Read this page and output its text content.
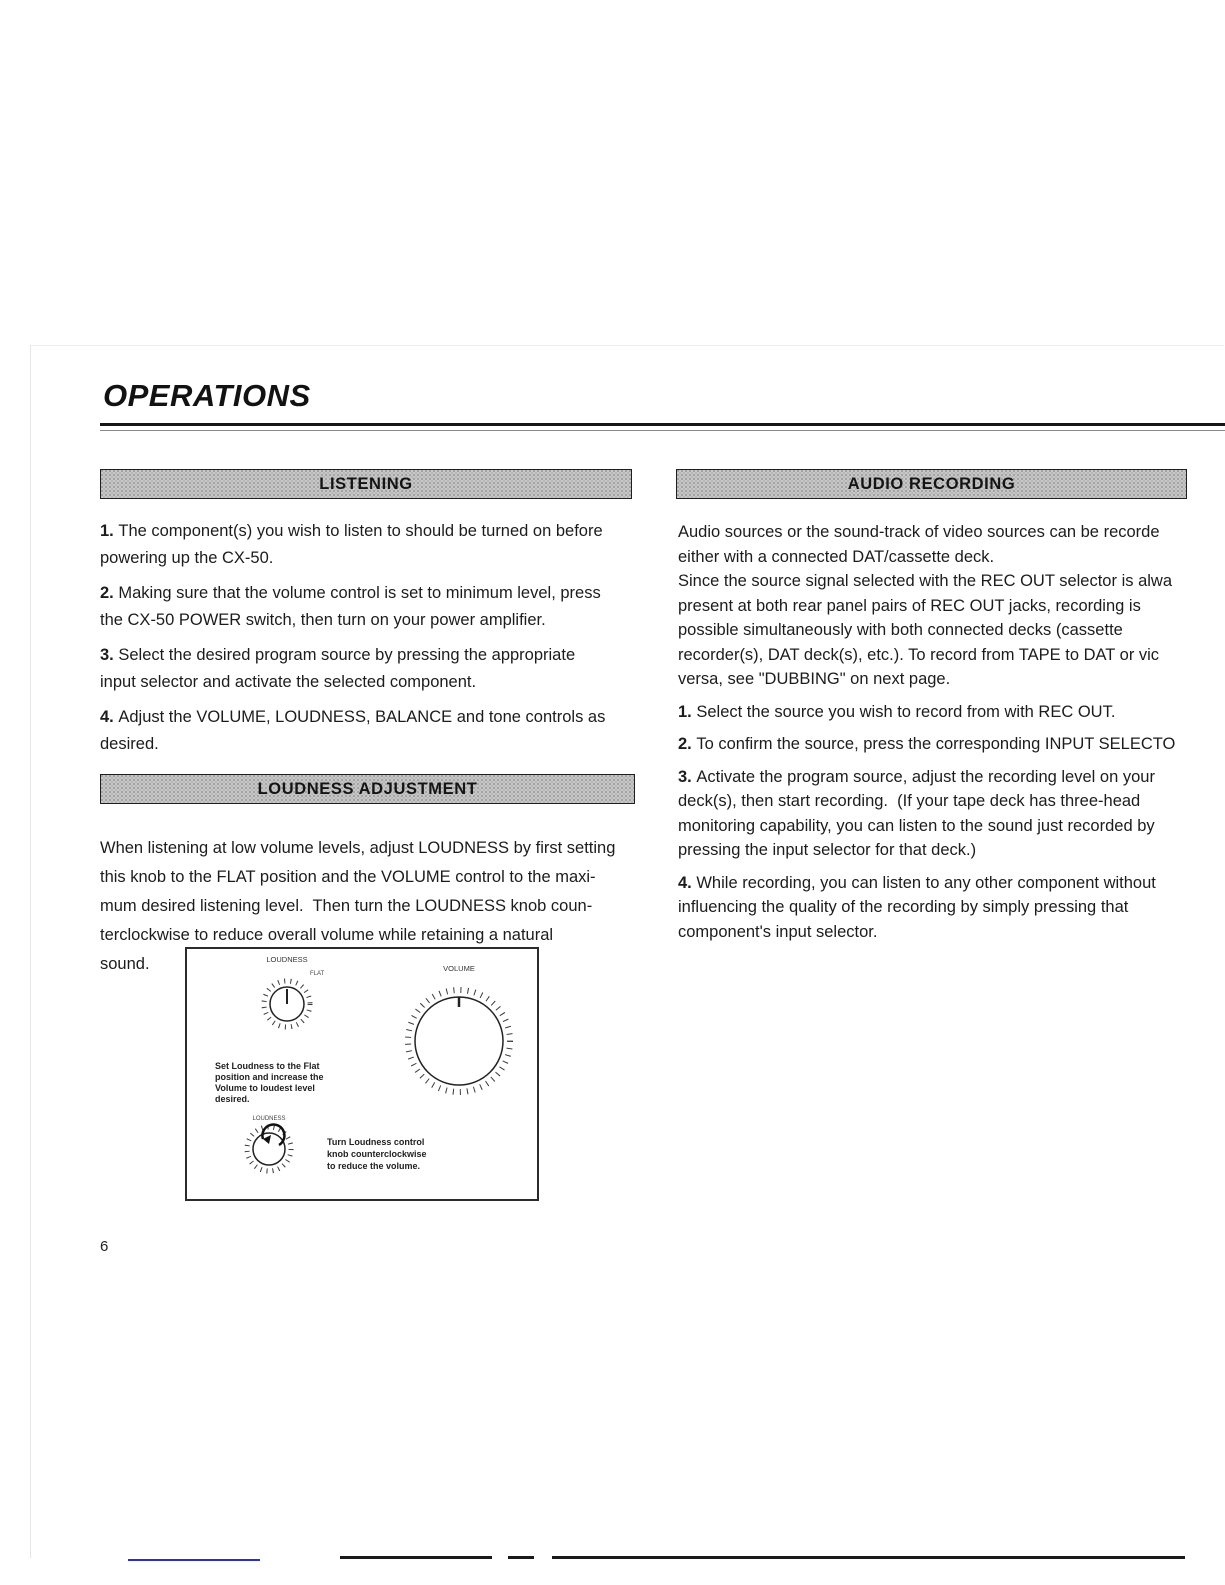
OPERATIONS
LISTENING	AUDIO RECORDING
1. The component(s) you wish to listen to should be turned on before
powering up the CX-50.
2. Making sure that the volume control is set to minimum level, press
the CX-50 POWER switch, then turn on your power amplifier.
3. Select the desired program source by pressing the appropriate
input selector and activate the selected component.
4. Adjust the VOLUME, LOUDNESS, BALANCE and tone controls as
desired.
LOUDNESS ADJUSTMENT
When listening at low volume levels, adjust LOUDNESS by first setting
this knob to the FLAT position and the VOLUME control to the maxi-
mum desired listening level.  Then turn the LOUDNESS knob coun-
terclockwise to reduce overall volume while retaining a natural
sound.	LOUDNESS
FLAT
VOLUME
Set Loudness to the Flat
position and increase the
Volume to loudest level
desired.
LOUDNESS
Turn Loudness control
knob counterclockwise
to reduce the volume.
Audio sources or the sound-track of video sources can be recorde
either with a connected DAT/cassette deck.
Since the source signal selected with the REC OUT selector is alwa
present at both rear panel pairs of REC OUT jacks, recording is
possible simultaneously with both connected decks (cassette
recorder(s), DAT deck(s), etc.). To record from TAPE to DAT or vic
versa, see "DUBBING" on next page.
1. Select the source you wish to record from with REC OUT.
2. To confirm the source, press the corresponding INPUT SELECTO
3. Activate the program source, adjust the recording level on your
deck(s), then start recording.  (If your tape deck has three-head
monitoring capability, you can listen to the sound just recorded by
pressing the input selector for that deck.)
4. While recording, you can listen to any other component without
influencing the quality of the recording by simply pressing that
component's input selector.
6
